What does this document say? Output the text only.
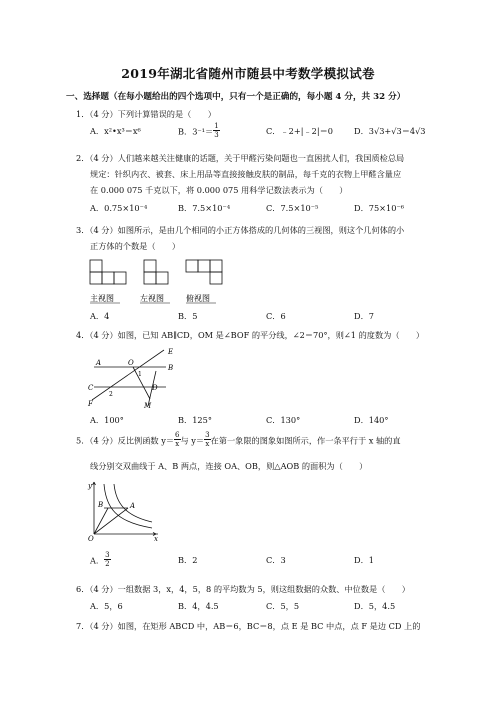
2019年湖北省随州市随县中考数学模拟试卷
一、选择题（在每小题给出的四个选项中，只有一个是正确的，每小题 4 分，共 32 分）
1．（4 分）下列计算错误的是（　　）
A．x²•x³＝x⁶	B．$3^{-1}= \frac{1}{3}$	C．﹣2+|﹣2|＝0	D．3√3+√3＝4√3
2．（4 分）人们越来越关注健康的话题，关于甲醛污染问题也一直困扰人们，我国质检总局
规定：针织内衣、被套、床上用品等直接接触皮肤的制品，每千克的衣物上甲醛含量应
在 0.000 075 千克以下，将 0.000 075 用科学记数法表示为（　　）
A．0.75×10⁻⁴	B．7.5×10⁻⁴	C．7.5×10⁻⁵	D．75×10⁻⁶
3．（4 分）如图所示，是由几个相同的小正方体搭成的几何体的三视图，则这个几何体的小
正方体的个数是（　　）
主视图	左视图	俯视图
A．4	B．5	C．6	D．7
4．（4 分）如图，已知 AB∥CD，OM 是∠BOF 的平分线，∠2＝70°，则∠1 的度数为（　　）
A
B
C	D
E
F	M
O
1
2
A．100°	B．125°	C．130°	D．140°
5．（4 分）反比例函数 $y= \frac{6}{x}$ 与 $y= \frac{3}{x}$ 在第一象限的图象如图所示，作一条平行于 x 轴的直
线分别交双曲线于 A、B 两点，连接 OA、OB，则△AOB 的面积为（　　）
y
x
O
A
B
A． $\frac{3}{2}$	B．2	C．3	D．1
6．（4 分）一组数据 3，x，4，5，8 的平均数为 5，则这组数据的众数、中位数是（　　）
A．5，6	B．4，4.5	C．5，5	D．5，4.5
7．（4 分）如图，在矩形 ABCD 中，AB＝6，BC＝8，点 E 是 BC 中点，点 F 是边 CD 上的
